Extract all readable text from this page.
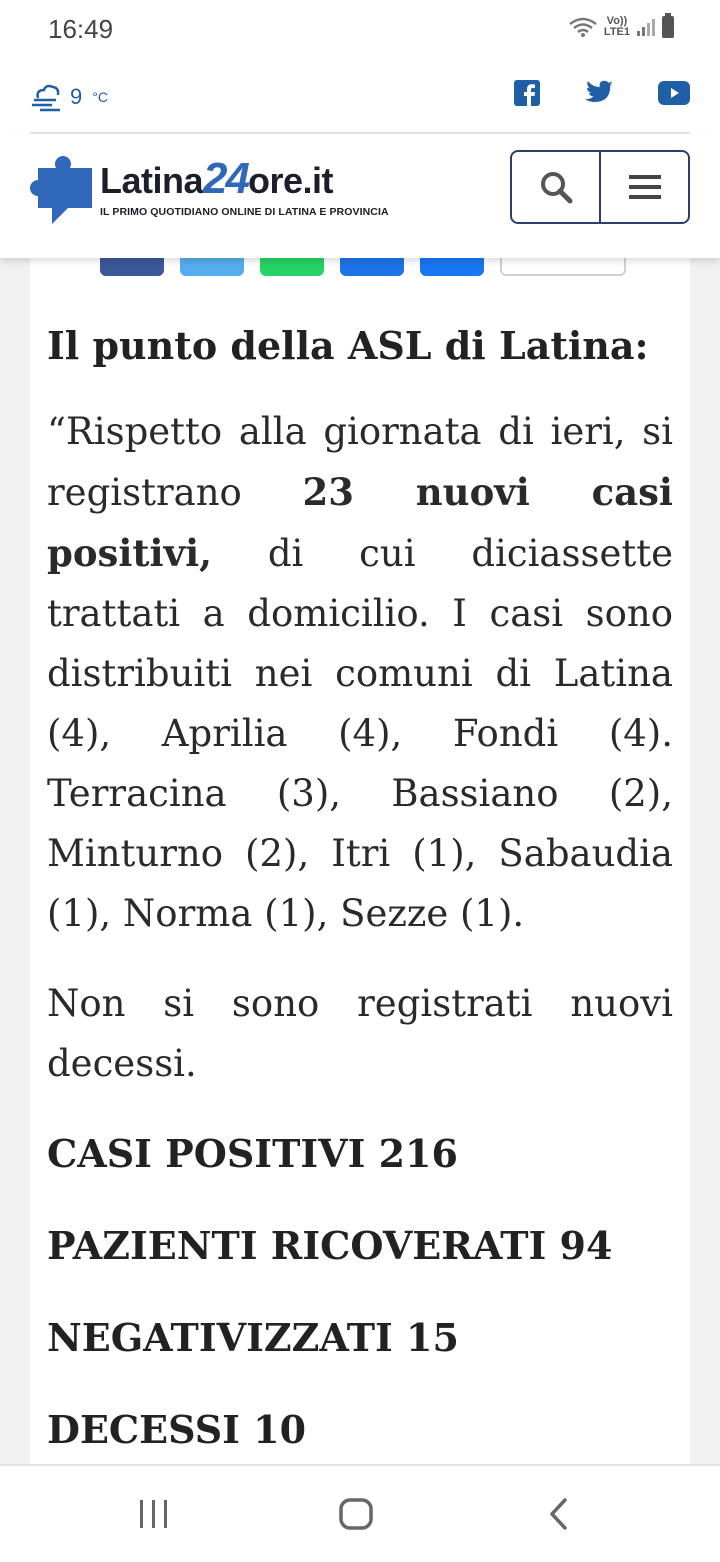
16:49	Vo))
LTE1
9 °C
Latina24ore.it
IL PRIMO QUOTIDIANO ONLINE DI LATINA E PROVINCIA
Il punto della ASL di Latina:

“Rispetto alla giornata di ieri, si registrano 23 nuovi casi positivi, di cui diciassette trattati a domicilio. I casi sono distribuiti nei comuni di Latina (4), Aprilia (4), Fondi (4). Terracina (3), Bassiano (2), Minturno (2), Itri (1), Sabaudia (1), Norma (1), Sezze (1).

Non si sono registrati nuovi decessi.

CASI POSITIVI 216
PAZIENTI RICOVERATI 94
NEGATIVIZZATI 15
DECESSI 10
